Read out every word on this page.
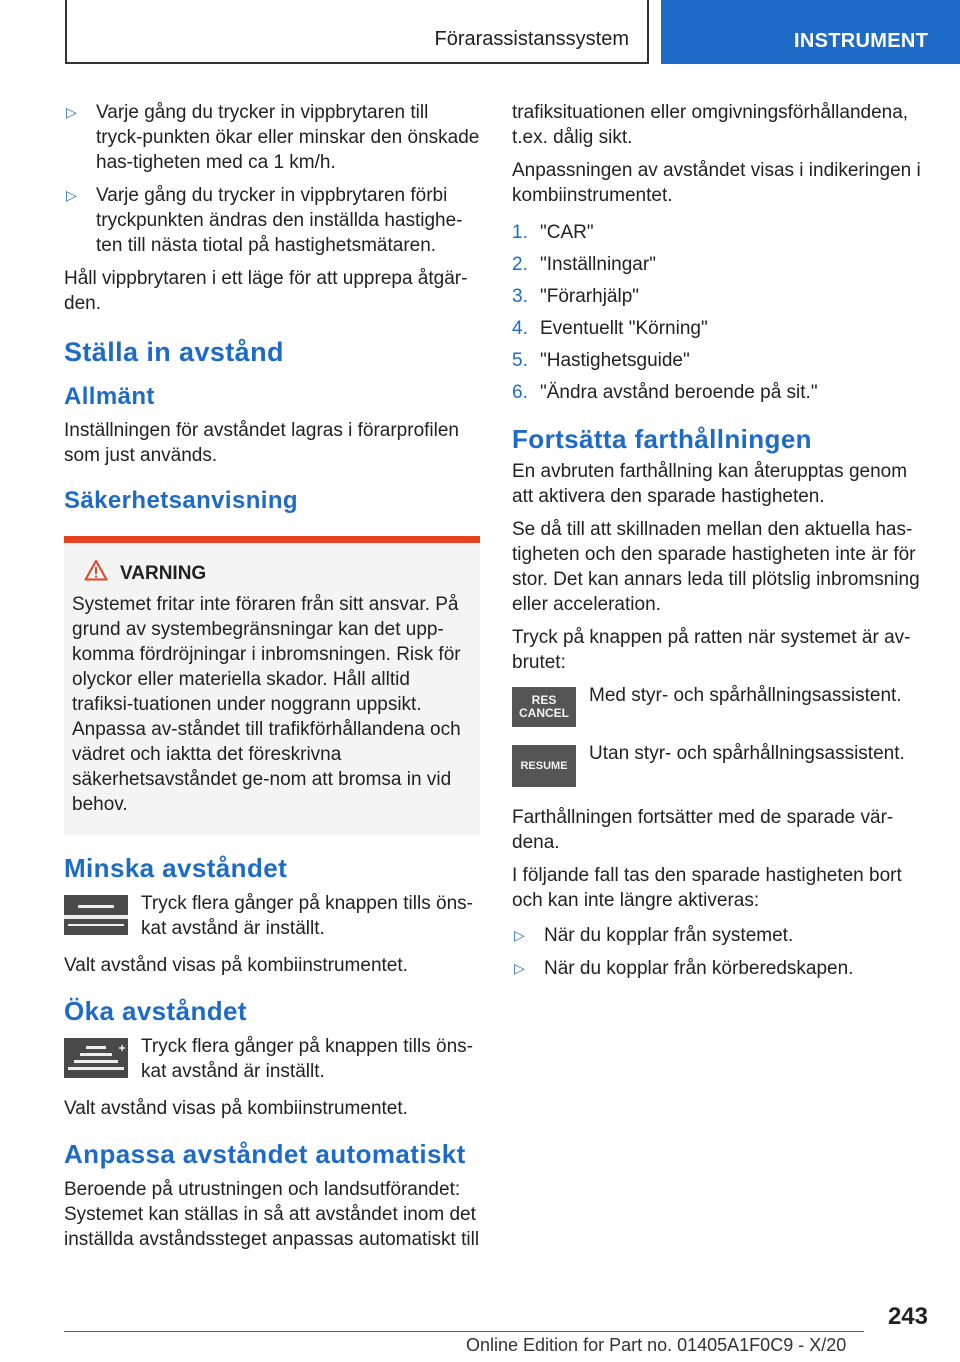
Förarassistanssystem	INSTRUMENT
▷	Varje gång du trycker in vippbrytaren till tryck-punkten ökar eller minskar den önskade has-tigheten med ca 1 km/h.
▷	Varje gång du trycker in vippbrytaren förbi tryckpunkten ändras den inställda hastighe-ten till nästa tiotal på hastighetsmätaren.

Håll vippbrytaren i ett läge för att upprepa åtgär-den.

Ställa in avstånd
Allmänt

Inställningen för avståndet lagras i förarprofilen som just används.

Säkerhetsanvisning
VARNING
Systemet fritar inte föraren från sitt ansvar. På grund av systembegränsningar kan det upp-komma fördröjningar i inbromsningen. Risk för olyckor eller materiella skador. Håll alltid trafiksi-tuationen under noggrann uppsikt. Anpassa av-ståndet till trafikförhållandena och vädret och iaktta det föreskrivna säkerhetsavståndet ge-nom att bromsa in vid behov.
Minska avståndet
Tryck flera gånger på knappen tills öns-kat avstånd är inställt.

Valt avstånd visas på kombiinstrumentet.

Öka avståndet
Tryck flera gånger på knappen tills öns-kat avstånd är inställt.

Valt avstånd visas på kombiinstrumentet.

Anpassa avståndet automatiskt

Beroende på utrustningen och landsutförandet: Systemet kan ställas in så att avståndet inom det inställda avståndssteget anpassas automatiskt till

trafiksituationen eller omgivningsförhållandena, t.ex. dålig sikt.

Anpassningen av avståndet visas i indikeringen i kombiinstrumentet.

1. "CAR"
2. "Inställningar"
3. "Förarhjälp"
4. Eventuellt "Körning"
5. "Hastighetsguide"
6. "Ändra avstånd beroende på sit."
Fortsätta farthållningen

En avbruten farthållning kan återupptas genom att aktivera den sparade hastigheten.

Se då till att skillnaden mellan den aktuella has-tigheten och den sparade hastigheten inte är för stor. Det kan annars leda till plötslig inbromsning eller acceleration.

Tryck på knappen på ratten när systemet är av-brutet:

RES
CANCEL
Med styr- och spårhållningsassistent.
RESUME
Utan styr- och spårhållningsassistent.

Farthållningen fortsätter med de sparade vär-dena.

I följande fall tas den sparade hastigheten bort och kan inte längre aktiveras:

▷	När du kopplar från systemet.
▷	När du kopplar från körberedskapen.
243
Online Edition for Part no. 01405A1F0C9 - X/20
